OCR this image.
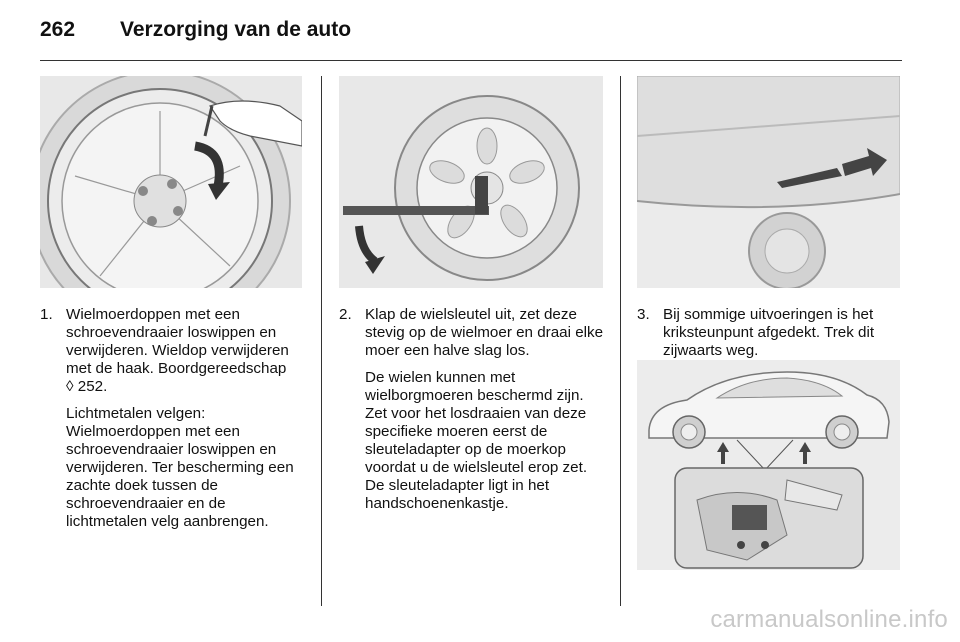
262 Verzorging van de auto
1. Wielmoerdoppen met een schroevendraaier loswippen en verwijderen. Wieldop verwijderen met de haak. Boordgereedschap
◊ 252.

Lichtmetalen velgen: Wielmoerdoppen met een schroevendraaier loswippen en verwijderen. Ter bescherming een zachte doek tussen de schroevendraaier en de lichtmetalen velg aanbrengen.

2. Klap de wielsleutel uit, zet deze stevig op de wielmoer en draai elke moer een halve slag los.

De wielen kunnen met wielborgmoeren beschermd zijn. Zet voor het losdraaien van deze specifieke moeren eerst de sleuteladapter op de moerkop voordat u de wielsleutel erop zet. De sleuteladapter ligt in het handschoenenkastje.

3. Bij sommige uitvoeringen is het kriksteunpunt afgedekt. Trek dit zijwaarts weg.
carmanualsonline.info
